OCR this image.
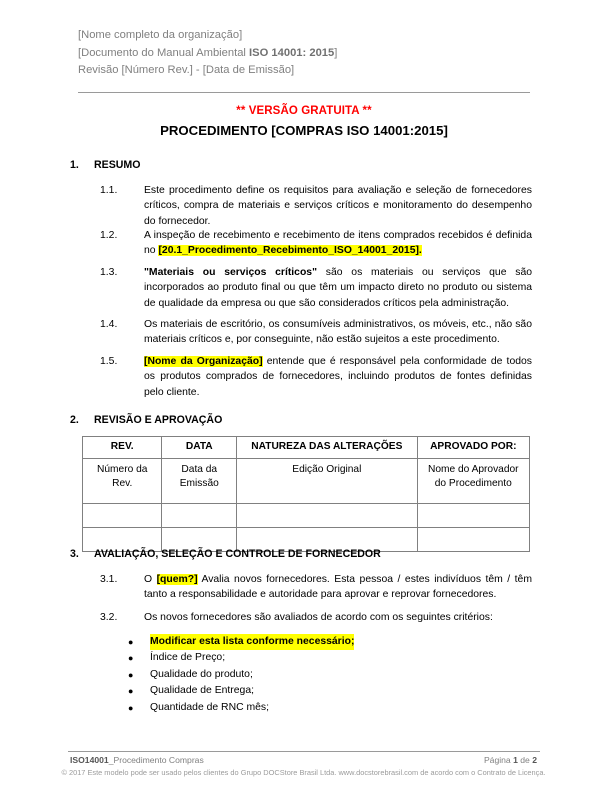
[Nome completo da organização]
[Documento do Manual Ambiental ISO 14001: 2015]
Revisão [Número Rev.] - [Data de Emissão]
** VERSÃO GRATUITA **
PROCEDIMENTO [COMPRAS ISO 14001:2015]
1. RESUMO
1.1.	Este procedimento define os requisitos para avaliação e seleção de fornecedores críticos, compra de materiais e serviços críticos e monitoramento do desempenho do fornecedor.
1.2.	A inspeção de recebimento e recebimento de itens comprados recebidos é definida no [20.1_Procedimento_Recebimento_ISO_14001_2015].
1.3.	"Materiais ou serviços críticos" são os materiais ou serviços que são incorporados ao produto final ou que têm um impacto direto no produto ou sistema de qualidade da empresa ou que são considerados críticos pela administração.
1.4.	Os materiais de escritório, os consumíveis administrativos, os móveis, etc., não são materiais críticos e, por conseguinte, não estão sujeitos a este procedimento.
1.5.	[Nome da Organização] entende que é responsável pela conformidade de todos os produtos comprados de fornecedores, incluindo produtos de fontes definidas pelo cliente.
2. REVISÃO E APROVAÇÃO
REV.	DATA	NATUREZA DAS ALTERAÇÕES	APROVADO POR:
Número da Rev.	Data da Emissão	Edição Original	Nome do Aprovador do Procedimento

3. AVALIAÇÃO, SELEÇÃO E CONTROLE DE FORNECEDOR
3.1.	O [quem?] Avalia novos fornecedores. Esta pessoa / estes indivíduos têm / têm tanto a responsabilidade e autoridade para aprovar e reprovar fornecedores.
3.2.	Os novos fornecedores são avaliados de acordo com os seguintes critérios:
● Modificar esta lista conforme necessário;
● Índice de Preço;
● Qualidade do produto;
● Qualidade de Entrega;
● Quantidade de RNC mês;
ISO14001_Procedimento Compras	Página 1 de 2
© 2017 Este modelo pode ser usado pelos clientes do Grupo DOCStore Brasil Ltda. www.docstorebrasil.com de acordo com o Contrato de Licença.
